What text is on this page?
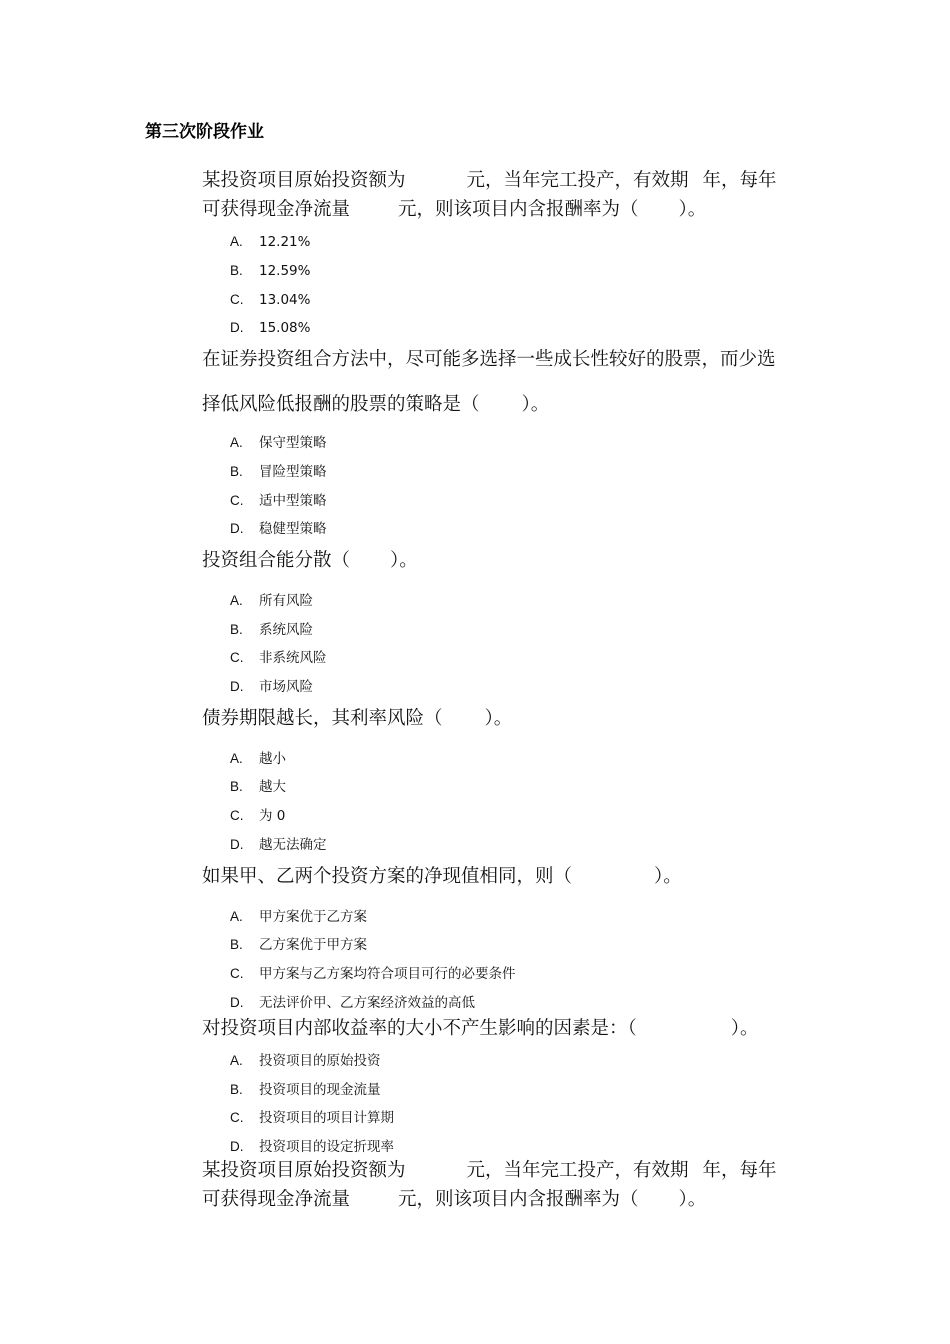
第三次阶段作业

某投资项目原始投资额为	元，当年完工投产，有效期 年，每年

可获得现金净流量	元，则该项目内含报酬率为（ ）。

A. 12.21%
B. 12.59%
C. 13.04%
D. 15.08%

在证券投资组合方法中，尽可能多选择一些成长性较好的股票，而少选

择低风险低报酬的股票的策略是（ ）。

A. 保守型策略
B. 冒险型策略
C. 适中型策略
D. 稳健型策略

投资组合能分散（ ）。

A. 所有风险
B. 系统风险
C. 非系统风险
D. 市场风险

债券期限越长，其利率风险（ ）。

A. 越小
B. 越大
C. 为 0
D. 越无法确定

如果甲、乙两个投资方案的净现值相同，则（	）。

A. 甲方案优于乙方案
B. 乙方案优于甲方案
C. 甲方案与乙方案均符合项目可行的必要条件
D. 无法评价甲、乙方案经济效益的高低

对投资项目内部收益率的大小不产生影响的因素是：（	）。

A. 投资项目的原始投资
B. 投资项目的现金流量
C. 投资项目的项目计算期
D. 投资项目的设定折现率

某投资项目原始投资额为	元，当年完工投产，有效期 年，每年

可获得现金净流量	元，则该项目内含报酬率为（ ）。
